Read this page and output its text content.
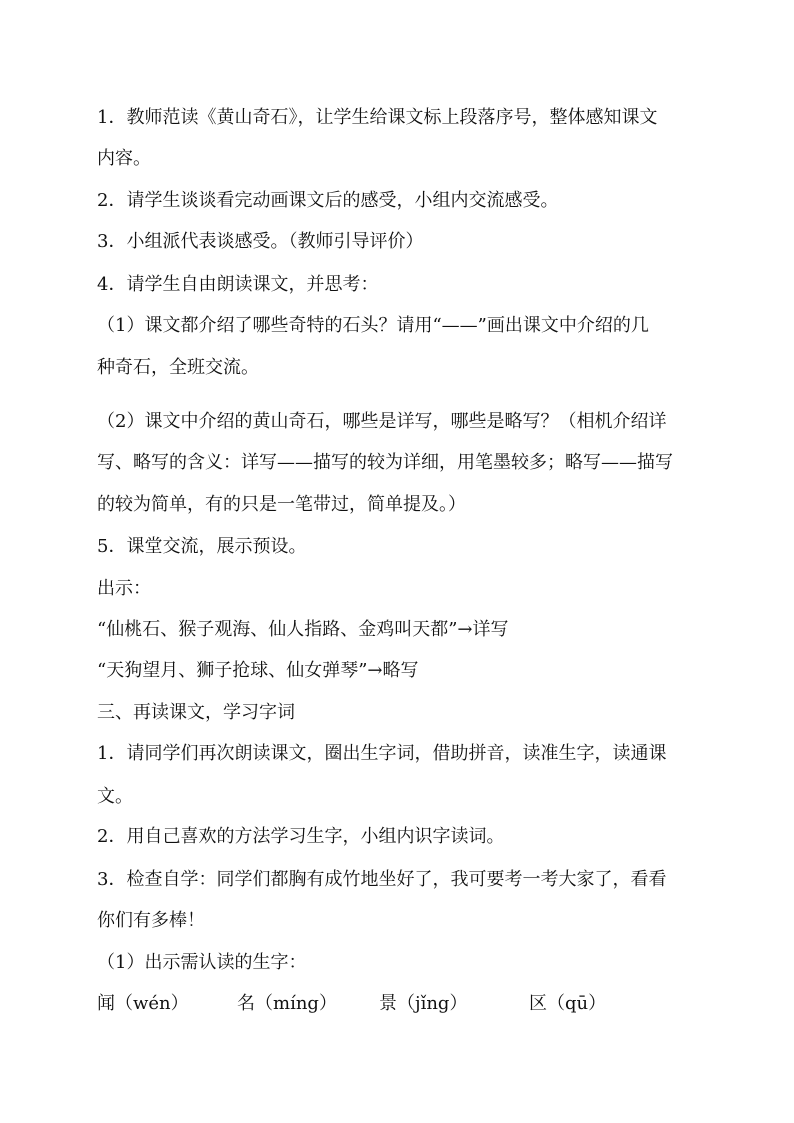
1．教师范读《黄山奇石》，让学生给课文标上段落序号，整体感知课文
内容。
2．请学生谈谈看完动画课文后的感受，小组内交流感受。
3．小组派代表谈感受。（教师引导评价）
4．请学生自由朗读课文，并思考：
（1）课文都介绍了哪些奇特的石头？请用“——”画出课文中介绍的几
种奇石，全班交流。
（2）课文中介绍的黄山奇石，哪些是详写，哪些是略写？（相机介绍详
写、略写的含义：详写——描写的较为详细，用笔墨较多；略写——描写
的较为简单，有的只是一笔带过，简单提及。）
5．课堂交流，展示预设。
出示：
“仙桃石、猴子观海、仙人指路、金鸡叫天都”→详写
“天狗望月、狮子抢球、仙女弹琴”→略写
三、再读课文，学习字词
1．请同学们再次朗读课文，圈出生字词，借助拼音，读准生字，读通课
文。
2．用自己喜欢的方法学习生字，小组内识字读词。
3．检查自学：同学们都胸有成竹地坐好了，我可要考一考大家了，看看
你们有多棒！
（1）出示需认读的生字：
闻（wén）	名（míng） 景（jǐng）	区（qū）
